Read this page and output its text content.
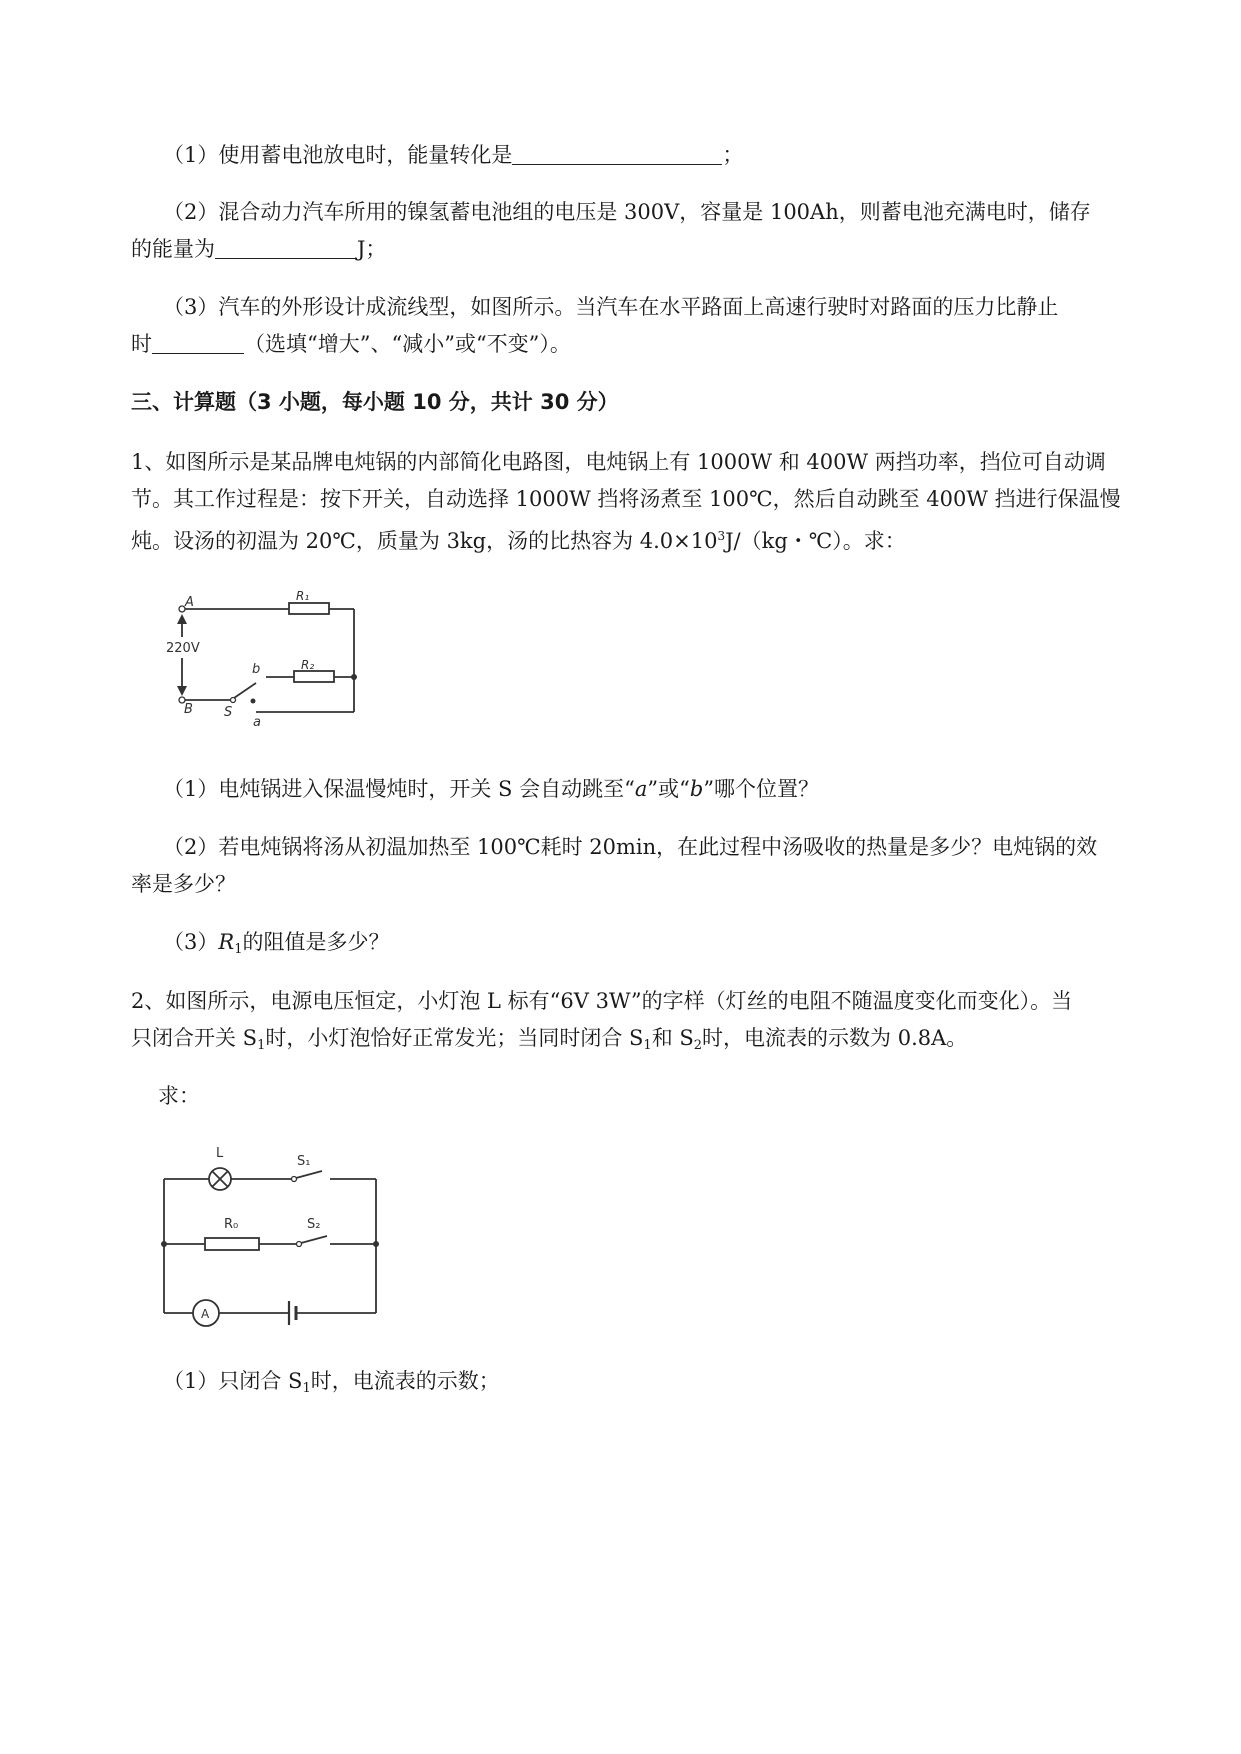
（1）使用蓄电池放电时，能量转化是	；
（2）混合动力汽车所用的镍氢蓄电池组的电压是 300V，容量是 100Ah，则蓄电池充满电时，储存
的能量为	J；
（3）汽车的外形设计成流线型，如图所示。当汽车在水平路面上高速行驶时对路面的压力比静止
时	（选填“增大”、“减小”或“不变”）。
三、计算题（3 小题，每小题 10 分，共计 30 分）
1、如图所示是某品牌电炖锅的内部简化电路图，电炖锅上有 1000W 和 400W 两挡功率，挡位可自动调
节。其工作过程是：按下开关，自动选择 1000W 挡将汤煮至 100℃，然后自动跳至 400W 挡进行保温慢
炖。设汤的初温为 20℃，质量为 3kg，汤的比热容为 $4.0\times 10^3J/(kg$・℃）。求：
A
B
R₁
R₂
220V
b
a
S
（1）电炖锅进入保温慢炖时，开关 S 会自动跳至“a”或“b”哪个位置？
（2）若电炖锅将汤从初温加热至 100℃耗时 20min，在此过程中汤吸收的热量是多少？电炖锅的效
率是多少？
$(3)R_1$的阻值是多少？
2、如图所示，电源电压恒定，小灯泡 L 标有“6V 3W”的字样（灯丝的电阻不随温度变化而变化）。当
只闭合开关 $S_1$时，小灯泡恰好正常发光；当同时闭合 $S_1$和 $S_2$时，电流表的示数为 0.8A。
求：
L
S₁
R₀	S₂
A
（1）只闭合 $S_1$时，电流表的示数；
